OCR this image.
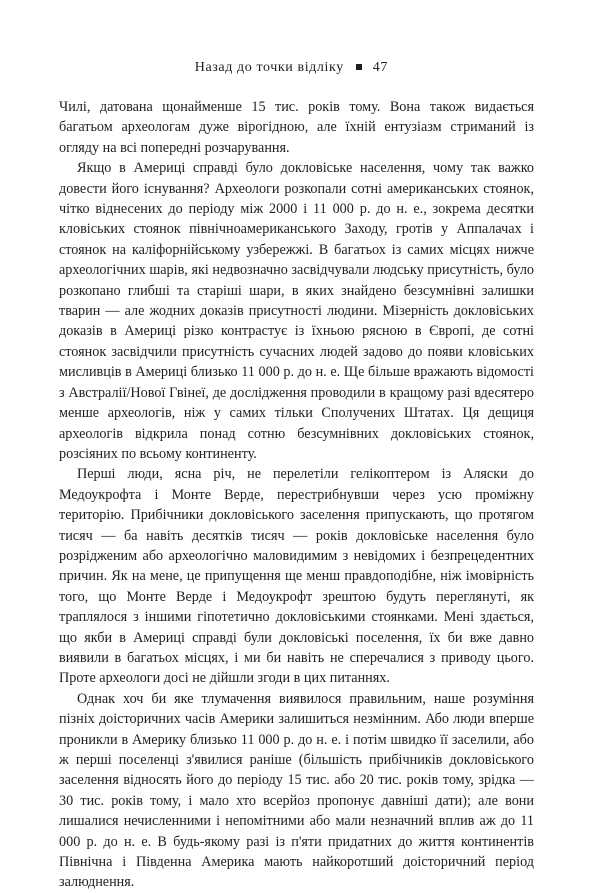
Назад до точки відліку 47

Чилі, датована щонайменше 15 тис. років тому. Вона також видається багатьом археологам дуже вірогідною, але їхній ентузіазм стриманий із огляду на всі попередні розчарування.

Якщо в Америці справді було докловіське населення, чому так важко довести його існування? Археологи розкопали сотні американських стоянок, чітко віднесених до періоду між 2000 і 11 000 р. до н. е., зокрема десятки кловіських стоянок північноамериканського Заходу, гротів у Аппалачах і стоянок на каліфорнійському узбережжі. В багатьох із самих місцях нижче археологічних шарів, які недвозначно засвідчували людську присутність, було розкопано глибші та старіші шари, в яких знайдено безсумнівні залишки тварин — але жодних доказів присутності людини. Мізерність докловіських доказів в Америці різко контрастує із їхньою рясною в Європі, де сотні стоянок засвідчили присутність сучасних людей задово до появи кловіських мисливців в Америці близько 11 000 р. до н. е. Ще більше вражають відомості з Австралії/Нової Гвінеї, де дослідження проводили в кращому разі вдесятеро менше археологів, ніж у самих тільки Сполучених Штатах. Ця дещиця археологів відкрила понад сотню безсумнівних докловіських стоянок, розсіяних по всьому континенту.

Перші люди, ясна річ, не перелетіли гелікоптером із Аляски до Медоукрофта і Монте Верде, перестрибнувши через усю проміжну територію. Прибічники докловіського заселення припускають, що протягом тисяч — ба навіть десятків тисяч — років докловіське населення було розрідженим або археологічно маловидимим з невідомих і безпрецедентних причин. Як на мене, це припущення ще менш правдоподібне, ніж імовірність того, що Монте Верде і Медоукрофт зрештою будуть переглянуті, як траплялося з іншими гіпотетично докловіськими стоянками. Мені здається, що якби в Америці справді були докловіські поселення, їх би вже давно виявили в багатьох місцях, і ми би навіть не сперечалися з приводу цього. Проте археологи досі не дійшли згоди в цих питаннях.

Однак хоч би яке тлумачення виявилося правильним, наше розуміння пізніх доісторичних часів Америки залишиться незмінним. Або люди вперше проникли в Америку близько 11 000 р. до н. е. і потім швидко її заселили, або ж перші поселенці з'явилися раніше (більшість прибічників докловіського заселення відносять його до періоду 15 тис. або 20 тис. років тому, зрідка — 30 тис. років тому, і мало хто всерйоз пропонує давніші дати); але вони лишалися нечисленними і непомітними або мали незначний вплив аж до 11 000 р. до н. е. В будь-якому разі із п'яти придатних до життя континентів Північна і Південна Америка мають найкоротший доісторичний період залюднення.
